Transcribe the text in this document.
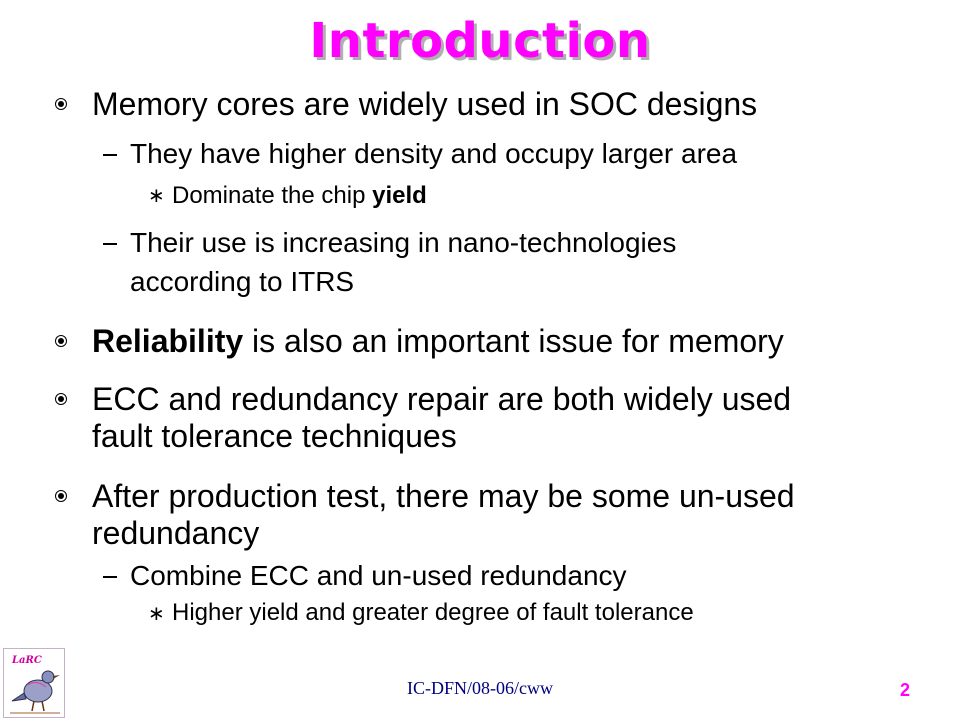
Introduction
Memory cores are widely used in SOC designs
They have higher density and occupy larger area
∗ Dominate the chip yield
Their use is increasing in nano-technologies
according to ITRS
Reliability is also an important issue for memory
ECC and redundancy repair are both widely used
fault tolerance techniques
After production test, there may be some un-used
redundancy
Combine ECC and un-used redundancy
∗ Higher yield and greater degree of fault tolerance
LaRC
IC-DFN/08-06/cww	2
